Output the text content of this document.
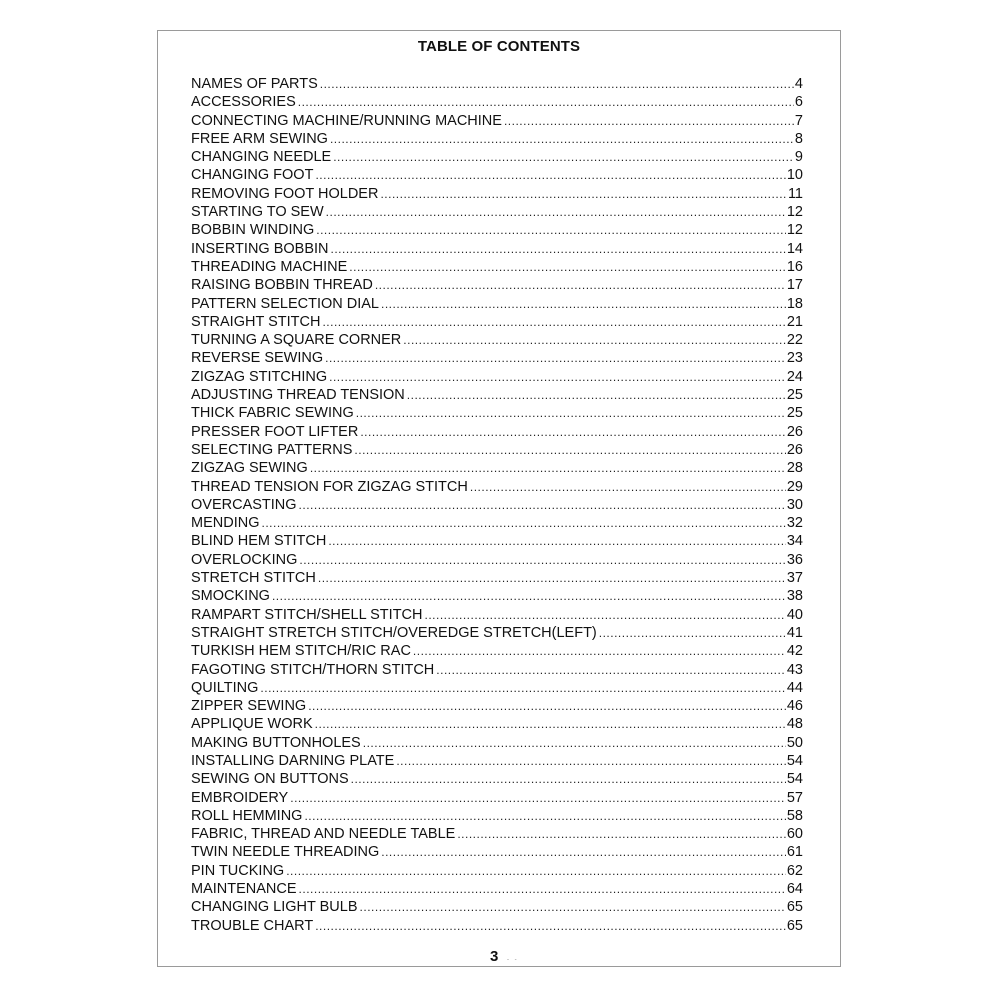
TABLE OF CONTENTS
NAMES OF PARTS .....	4
ACCESSORIES .....	6
CONNECTING MACHINE/RUNNING MACHINE .....	7
FREE ARM SEWING .....	8
CHANGING NEEDLE .....	9
CHANGING FOOT .....	10
REMOVING FOOT HOLDER .....	11
STARTING TO SEW .....	12
BOBBIN WINDING .....	12
INSERTING BOBBIN .....	14
THREADING MACHINE .....	16
RAISING BOBBIN THREAD .....	17
PATTERN SELECTION DIAL .....	18
STRAIGHT STITCH .....	21
TURNING A SQUARE CORNER .....	22
REVERSE SEWING .....	23
ZIGZAG STITCHING .....	24
ADJUSTING THREAD TENSION .....	25
THICK FABRIC SEWING .....	25
PRESSER FOOT LIFTER .....	26
SELECTING PATTERNS .....	26
ZIGZAG SEWING .....	28
THREAD TENSION FOR ZIGZAG STITCH .....	29
OVERCASTING .....	30
MENDING .....	32
BLIND HEM STITCH .....	34
OVERLOCKING .....	36
STRETCH STITCH .....	37
SMOCKING .....	38
RAMPART STITCH/SHELL STITCH .....	40
STRAIGHT STRETCH STITCH/OVEREDGE STRETCH(LEFT) .....	41
TURKISH HEM STITCH/RIC RAC .....	42
FAGOTING STITCH/THORN STITCH .....	43
QUILTING .....	44
ZIPPER SEWING .....	46
APPLIQUE WORK .....	48
MAKING BUTTONHOLES .....	50
INSTALLING DARNING PLATE .....	54
SEWING ON BUTTONS .....	54
EMBROIDERY .....	57
ROLL HEMMING .....	58
FABRIC, THREAD AND NEEDLE TABLE .....	60
TWIN NEEDLE THREADING .....	61
PIN TUCKING .....	62
MAINTENANCE .....	64
CHANGING LIGHT BULB .....	65
TROUBLE CHART .....	65
3 - -
